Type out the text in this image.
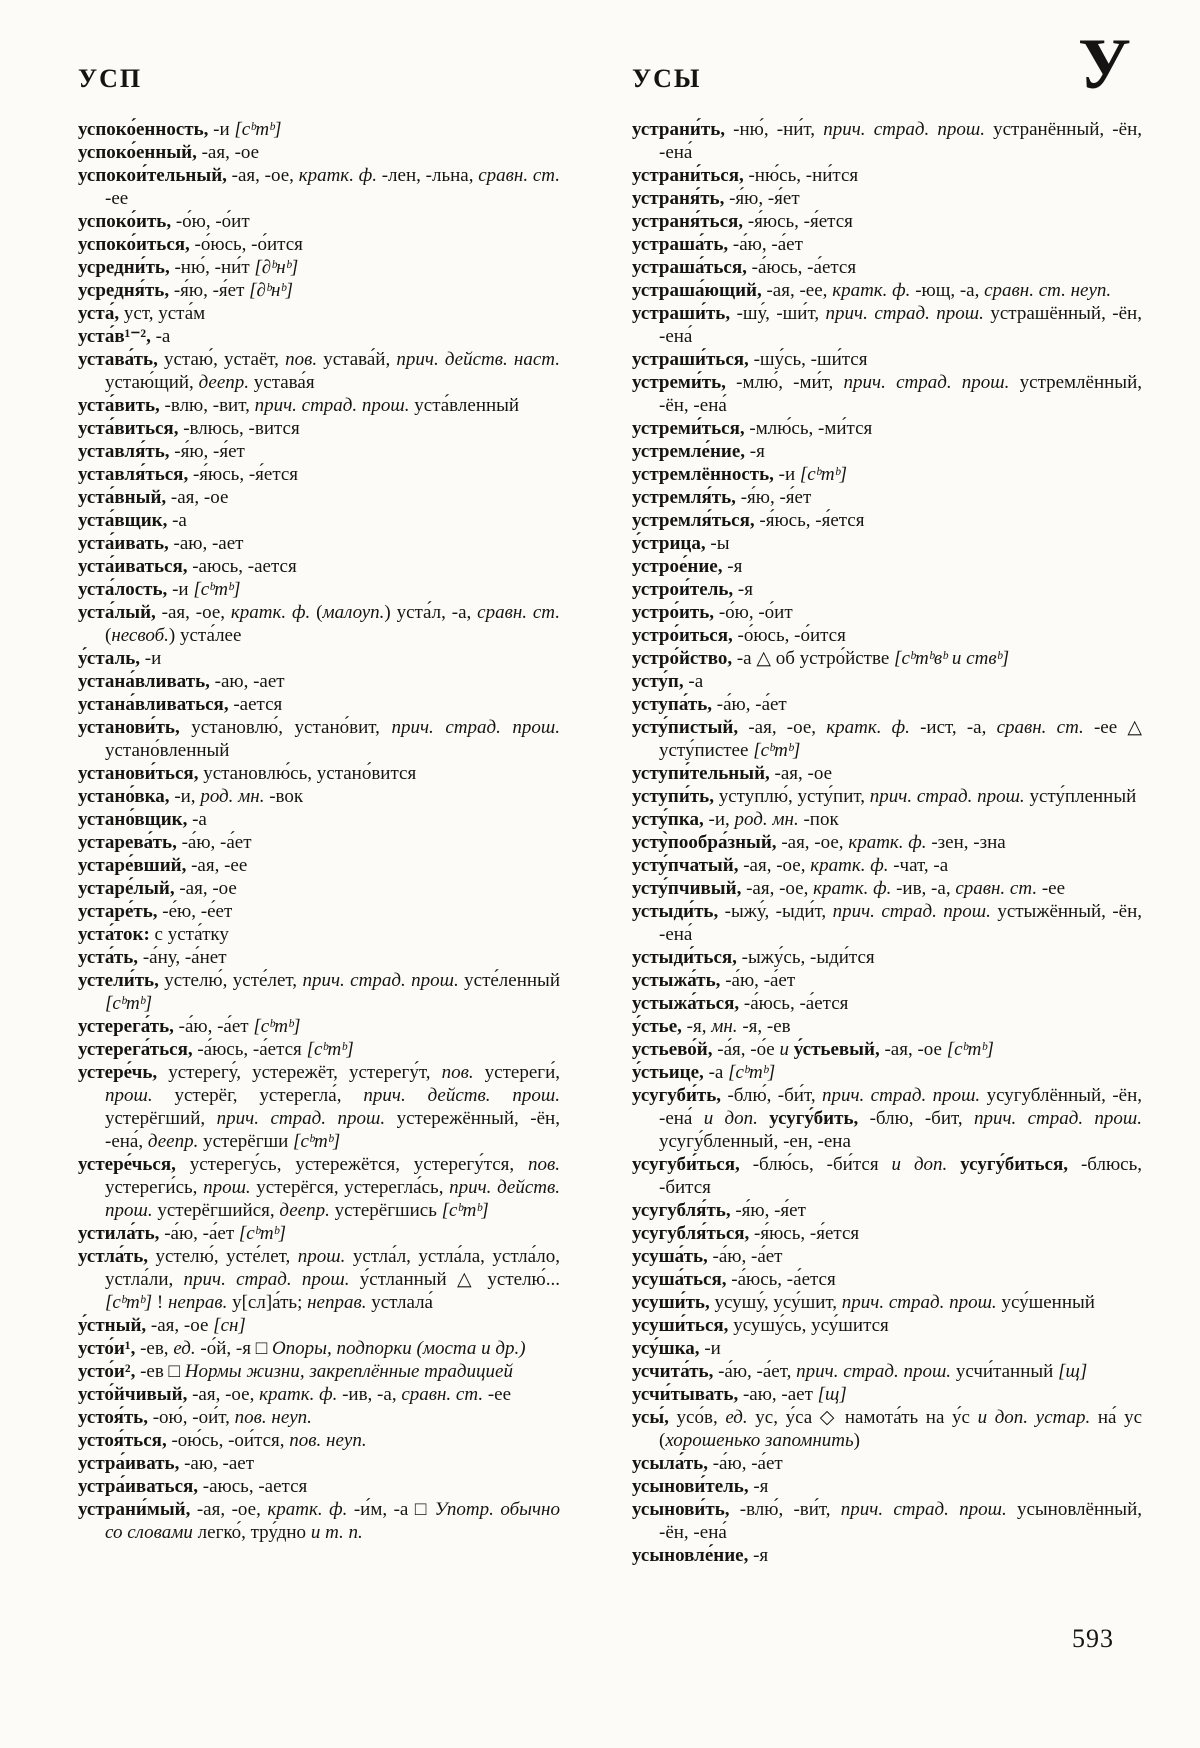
УСП	УСЫ	У
успоко́енность, -и [сᵇтᵇ]
успоко́енный, -ая, -ое
успокои́тельный, -ая, -ое, кратк. ф. -лен, -льна, сравн. ст. -ее
успоко́ить, -о́ю, -о́ит
успоко́иться, -о́юсь, -о́ится
усредни́ть, -ню́, -ни́т [∂ᵇнᵇ]
усредня́ть, -я́ю, -я́ет [∂ᵇнᵇ]
уста́, уст, уста́м
уста́в¹⁻², -а
устава́ть, устаю́, устаёт, пов. устава́й, прич. действ. наст. устаю́щий, деепр. устава́я
уста́вить, -влю, -вит, прич. страд. прош. уста́вленный
уста́виться, -влюсь, -вится
уставля́ть, -я́ю, -я́ет
уставля́ться, -я́юсь, -я́ется
уста́вный, -ая, -ое
уста́вщик, -а
уста́ивать, -аю, -ает
уста́иваться, -аюсь, -ается
уста́лость, -и [сᵇтᵇ]
уста́лый, -ая, -ое, кратк. ф. (малоуп.) уста́л, -а, сравн. ст. (несвоб.) уста́лее
у́сталь, -и
устана́вливать, -аю, -ает
устана́вливаться, -ается
установи́ть, установлю́, устано́вит, прич. страд. прош. устано́вленный
установи́ться, установлю́сь, устано́вится
устано́вка, -и, род. мн. -вок
устано́вщик, -а
устарева́ть, -а́ю, -а́ет
устаре́вший, -ая, -ее
устаре́лый, -ая, -ое
устаре́ть, -е́ю, -е́ет
уста́ток: с уста́тку
уста́ть, -а́ну, -а́нет
устели́ть, устелю́, усте́лет, прич. страд. прош. усте́ленный [сᵇтᵇ]
устерега́ть, -а́ю, -а́ет [сᵇтᵇ]
устерега́ться, -а́юсь, -а́ется [сᵇтᵇ]
устере́чь, устерегу́, устережёт, устерегу́т, пов. устереги́, прош. устерёг, устерегла́, прич. действ. прош. устерёгший, прич. страд. прош. устережённый, -ён, -ена́, деепр. устерёгши [сᵇтᵇ]
устере́чься, устерегу́сь, устережётся, устерегу́тся, пов. устереги́сь, прош. устерёгся, устерегла́сь, прич. действ. прош. устерёгшийся, деепр. устерёгшись [сᵇтᵇ]
устила́ть, -а́ю, -а́ет [сᵇтᵇ]
устла́ть, устелю́, усте́лет, прош. устла́л, устла́ла, устла́ло, устла́ли, прич. страд. прош. у́стланный △ устелю́... [сᵇтᵇ] ! неправ. у[сл]а́ть; неправ. устлала́
у́стный, -ая, -ое [сн]
усто́и¹, -ев, ед. -о́й, -я □ Опоры, подпорки (моста и др.)
усто́и², -ев □ Нормы жизни, закреплённые традицией
усто́йчивый, -ая, -ое, кратк. ф. -ив, -а, сравн. ст. -ее
устоя́ть, -ою́, -ои́т, пов. неуп.
устоя́ться, -ою́сь, -ои́тся, пов. неуп.
устра́ивать, -аю, -ает
устра́иваться, -аюсь, -ается
устрани́мый, -ая, -ое, кратк. ф. -и́м, -а □ Употр. обычно со словами легко́, тру́дно и т. п.
устрани́ть, -ню́, -ни́т, прич. страд. прош. устранённый, -ён, -ена́
устрани́ться, -ню́сь, -ни́тся
устраня́ть, -я́ю, -я́ет
устраня́ться, -я́юсь, -я́ется
устраша́ть, -а́ю, -а́ет
устраша́ться, -а́юсь, -а́ется
устраша́ющий, -ая, -ее, кратк. ф. -ющ, -а, сравн. ст. неуп.
устраши́ть, -шу́, -ши́т, прич. страд. прош. устрашённый, -ён, -ена́
устраши́ться, -шу́сь, -ши́тся
устреми́ть, -млю́, -ми́т, прич. страд. прош. устремлённый, -ён, -ена́
устреми́ться, -млю́сь, -ми́тся
устремле́ние, -я
устремлённость, -и [сᵇтᵇ]
устремля́ть, -я́ю, -я́ет
устремля́ться, -я́юсь, -я́ется
у́стрица, -ы
устрое́ние, -я
устрои́тель, -я
устро́ить, -о́ю, -о́ит
устро́иться, -о́юсь, -о́ится
устро́йство, -а △ об устро́йстве [сᵇтᵇвᵇ и ствᵇ]
усту́п, -а
уступа́ть, -а́ю, -а́ет
усту́пистый, -ая, -ое, кратк. ф. -ист, -а, сравн. ст. -ее △ усту́пистее [сᵇтᵇ]
уступи́тельный, -ая, -ое
уступи́ть, уступлю́, усту́пит, прич. страд. прош. усту́пленный
усту́пка, -и, род. мн. -пок
усту̀пообра́зный, -ая, -ое, кратк. ф. -зен, -зна
усту́пчатый, -ая, -ое, кратк. ф. -чат, -а
усту́пчивый, -ая, -ое, кратк. ф. -ив, -а, сравн. ст. -ее
устыди́ть, -ыжу́, -ыди́т, прич. страд. прош. устыжённый, -ён, -ена́
устыди́ться, -ыжу́сь, -ыди́тся
устыжа́ть, -а́ю, -а́ет
устыжа́ться, -а́юсь, -а́ется
у́стье, -я, мн. -я, -ев
устьево́й, -а́я, -о́е и у́стьевый, -ая, -ое [сᵇтᵇ]
у́стьице, -а [сᵇтᵇ]
усугуби́ть, -блю́, -би́т, прич. страд. прош. усугублённый, -ён, -ена́ и доп. усугу́бить, -блю, -бит, прич. страд. прош. усугу́бленный, -ен, -ена
усугуби́ться, -блю́сь, -би́тся и доп. усугу́биться, -блюсь, -бится
усугубля́ть, -я́ю, -я́ет
усугубля́ться, -я́юсь, -я́ется
усуша́ть, -а́ю, -а́ет
усуша́ться, -а́юсь, -а́ется
усуши́ть, усушу́, усу́шит, прич. страд. прош. усу́шенный
усуши́ться, усушу́сь, усу́шится
усу́шка, -и
усчита́ть, -а́ю, -а́ет, прич. страд. прош. усчи́танный [щ]
усчи́тывать, -аю, -ает [щ]
усы́, усо́в, ед. ус, у́са ◇ намота́ть на у́с и доп. устар. на́ ус (хорошенько запомнить)
усыла́ть, -а́ю, -а́ет
усынови́тель, -я
усынови́ть, -влю́, -ви́т, прич. страд. прош. усыновлённый, -ён, -ена́
усыновле́ние, -я
593
